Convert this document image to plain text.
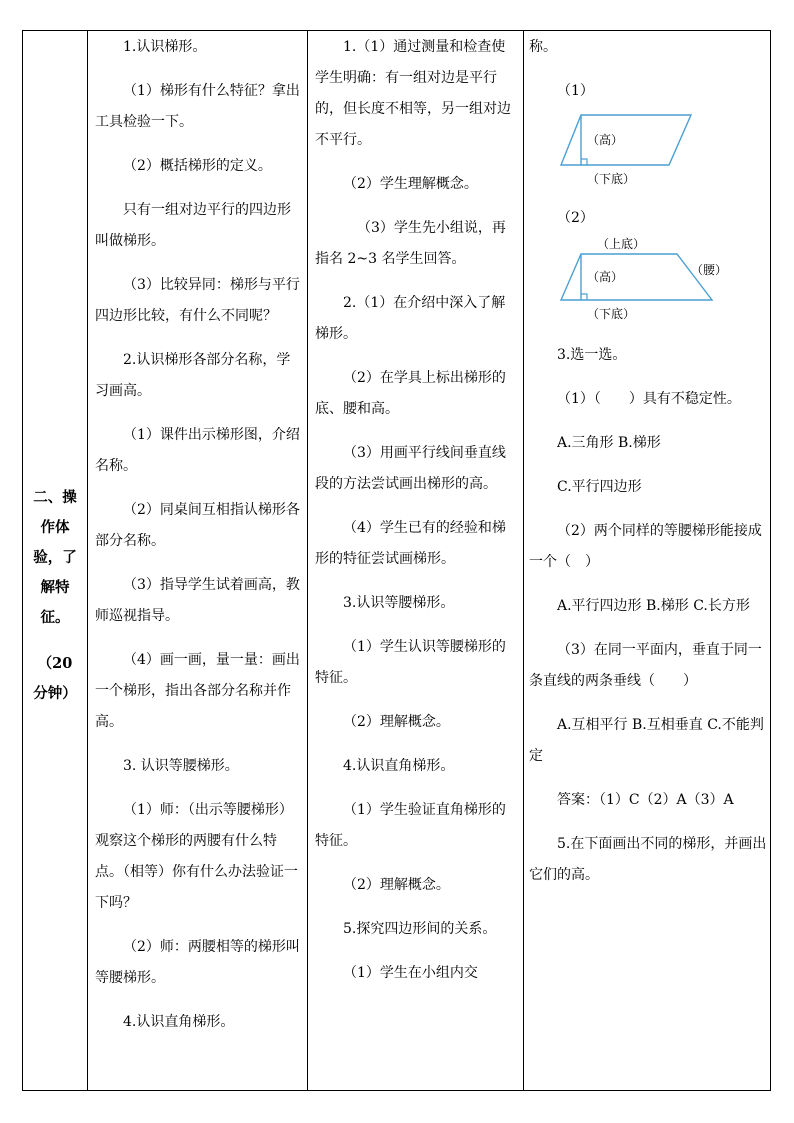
二、操
作体
验，了
解特
征。
（20
分钟）

1.认识梯形。

（1）梯形有什么特征？拿出工具检验一下。

（2）概括梯形的定义。

只有一组对边平行的四边形叫做梯形。

（3）比较异同：梯形与平行四边形比较，有什么不同呢？

2.认识梯形各部分名称，学习画高。

（1）课件出示梯形图，介绍名称。

（2）同桌间互相指认梯形各部分名称。

（3）指导学生试着画高，教师巡视指导。

（4）画一画，量一量：画出一个梯形，指出各部分名称并作高。

3. 认识等腰梯形。

（1）师：（出示等腰梯形）观察这个梯形的两腰有什么特点。（相等）你有什么办法验证一下吗？

（2）师：两腰相等的梯形叫等腰梯形。

4.认识直角梯形。

1.（1）通过测量和检查使学生明确：有一组对边是平行的，但长度不相等，另一组对边不平行。

（2）学生理解概念。

（3）学生先小组说，再指名 2~3 名学生回答。

2.（1）在介绍中深入了解梯形。

（2）在学具上标出梯形的底、腰和高。

（3）用画平行线间垂直线段的方法尝试画出梯形的高。

（4）学生已有的经验和梯形的特征尝试画梯形。

3.认识等腰梯形。

（1）学生认识等腰梯形的特征。

（2）理解概念。

4.认识直角梯形。

（1）学生验证直角梯形的特征。

（2）理解概念。

5.探究四边形间的关系。

（1）学生在小组内交

称。

（1）

（高）
（下底）

（2）

（上底）
（高）	（腰）
（下底）

3.选一选。

（1）（　　）具有不稳定性。

A.三角形 B.梯形

C.平行四边形

（2）两个同样的等腰梯形能接成一个（　）

A.平行四边形 B.梯形 C.长方形

（3）在同一平面内，垂直于同一条直线的两条垂线（　　）

A.互相平行 B.互相垂直 C.不能判定

答案：（1）C（2）A（3）A

5.在下面画出不同的梯形，并画出它们的高。
